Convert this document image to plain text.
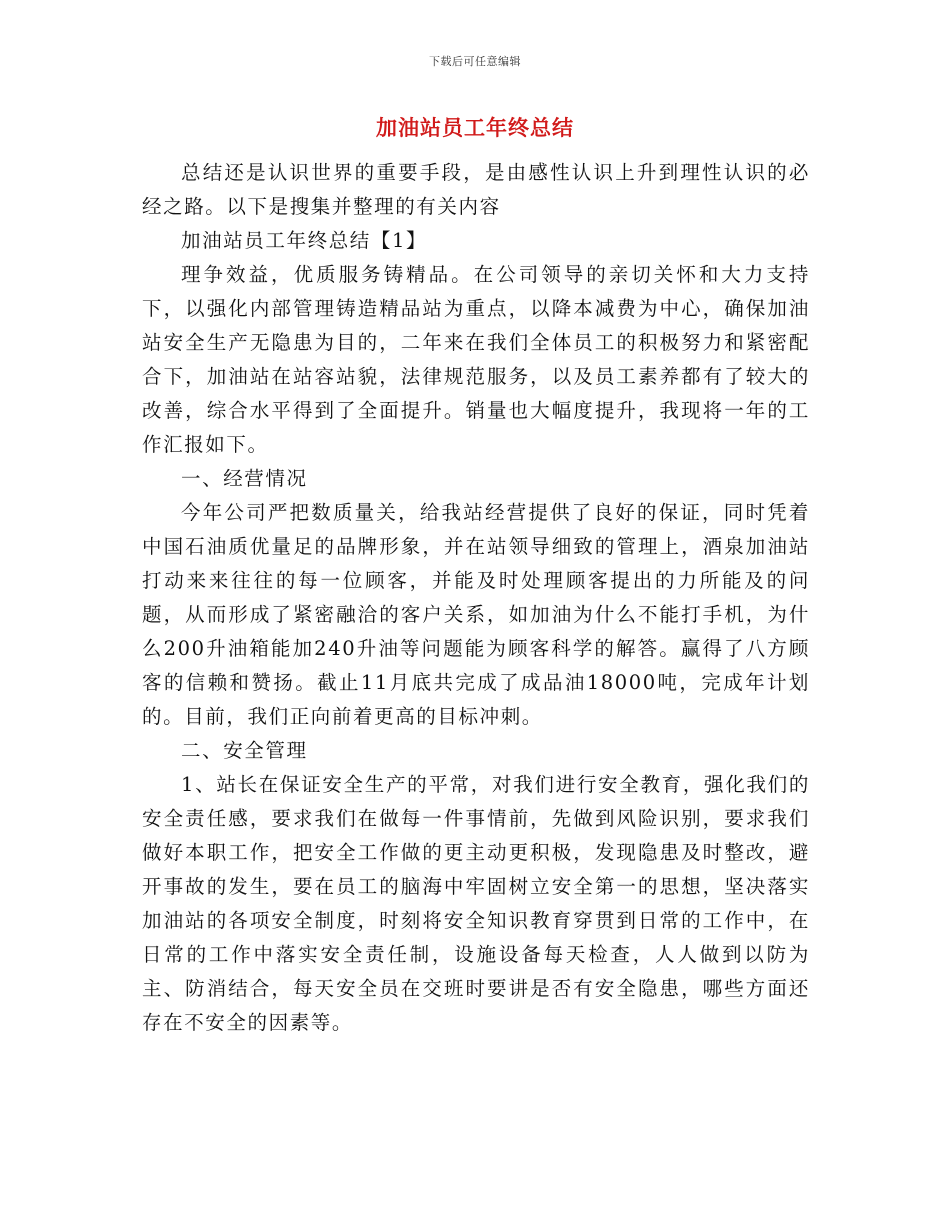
下载后可任意编辑
加油站员工年终总结

总结还是认识世界的重要手段，是由感性认识上升到理性认识的必经之路。以下是搜集并整理的有关内容

加油站员工年终总结【1】

理争效益，优质服务铸精品。在公司领导的亲切关怀和大力支持下，以强化内部管理铸造精品站为重点，以降本减费为中心，确保加油站安全生产无隐患为目的，二年来在我们全体员工的积极努力和紧密配合下，加油站在站容站貌，法律规范服务，以及员工素养都有了较大的改善，综合水平得到了全面提升。销量也大幅度提升，我现将一年的工作汇报如下。

一、经营情况

今年公司严把数质量关，给我站经营提供了良好的保证，同时凭着中国石油质优量足的品牌形象，并在站领导细致的管理上，酒泉加油站打动来来往往的每一位顾客，并能及时处理顾客提出的力所能及的问题，从而形成了紧密融洽的客户关系，如加油为什么不能打手机，为什么200升油箱能加240升油等问题能为顾客科学的解答。赢得了八方顾客的信赖和赞扬。截止11月底共完成了成品油18000吨，完成年计划的。目前，我们正向前着更高的目标冲刺。

二、安全管理

1、站长在保证安全生产的平常，对我们进行安全教育，强化我们的安全责任感，要求我们在做每一件事情前，先做到风险识别，要求我们做好本职工作，把安全工作做的更主动更积极，发现隐患及时整改，避开事故的发生，要在员工的脑海中牢固树立安全第一的思想，坚决落实加油站的各项安全制度，时刻将安全知识教育穿贯到日常的工作中，在日常的工作中落实安全责任制，设施设备每天检查，人人做到以防为主、防消结合，每天安全员在交班时要讲是否有安全隐患，哪些方面还存在不安全的因素等。
